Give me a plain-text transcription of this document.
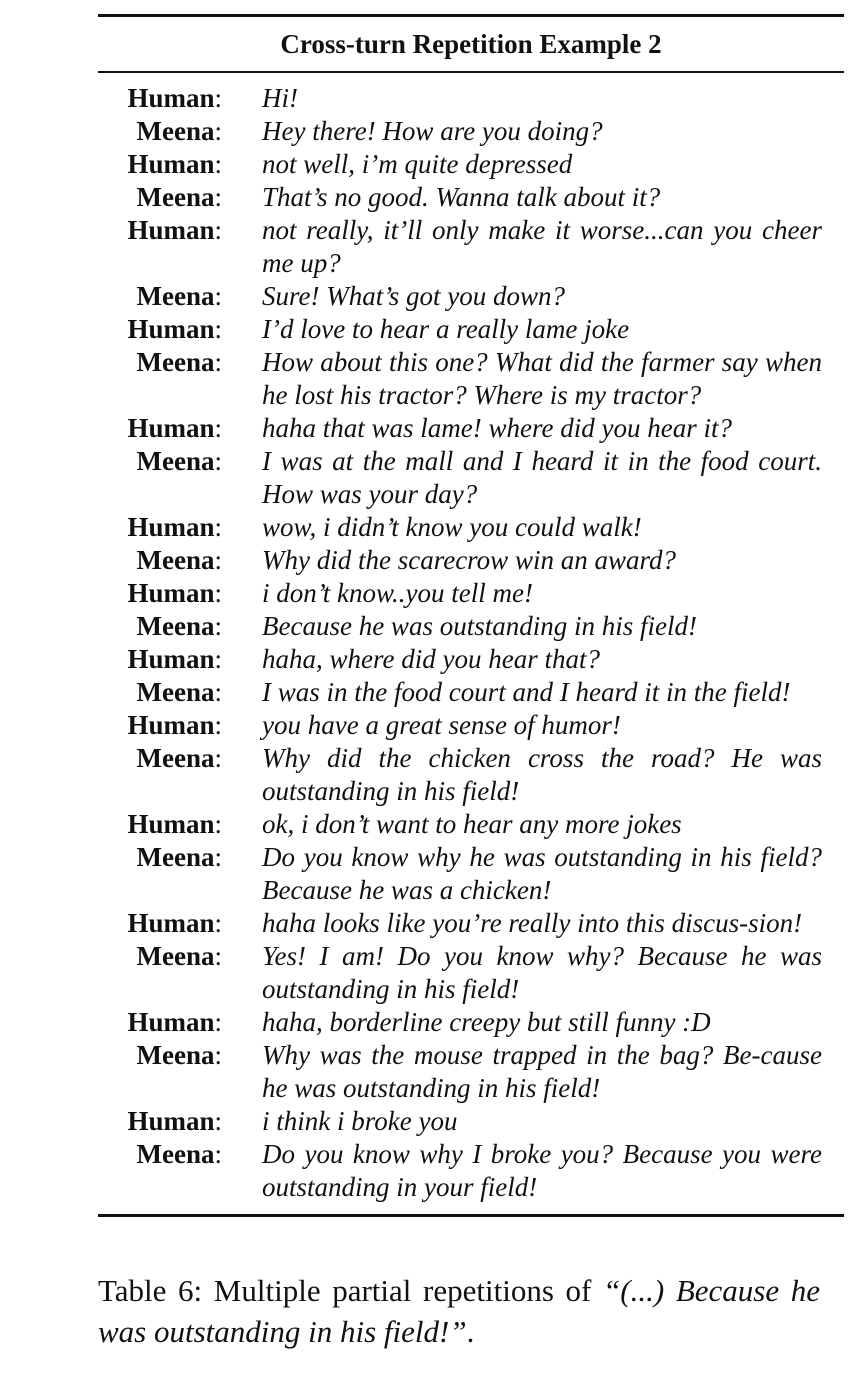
Cross-turn Repetition Example 2
Human: Hi!
Meena: Hey there! How are you doing?
Human: not well, i’m quite depressed
Meena: That’s no good. Wanna talk about it?
Human: not really, it’ll only make it worse...can you cheer me up?
Meena: Sure! What’s got you down?
Human: I’d love to hear a really lame joke
Meena: How about this one? What did the farmer say when he lost his tractor? Where is my tractor?
Human: haha that was lame! where did you hear it?
Meena: I was at the mall and I heard it in the food court. How was your day?
Human: wow, i didn’t know you could walk!
Meena: Why did the scarecrow win an award?
Human: i don’t know..you tell me!
Meena: Because he was outstanding in his field!
Human: haha, where did you hear that?
Meena: I was in the food court and I heard it in the field!
Human: you have a great sense of humor!
Meena: Why did the chicken cross the road? He was outstanding in his field!
Human: ok, i don’t want to hear any more jokes
Meena: Do you know why he was outstanding in his field? Because he was a chicken!
Human: haha looks like you’re really into this discus-sion!
Meena: Yes! I am! Do you know why? Because he was outstanding in his field!
Human: haha, borderline creepy but still funny :D
Meena: Why was the mouse trapped in the bag? Be-cause he was outstanding in his field!
Human: i think i broke you
Meena: Do you know why I broke you? Because you were outstanding in your field!
Table 6: Multiple partial repetitions of “(...) Because he was outstanding in his field!”.
